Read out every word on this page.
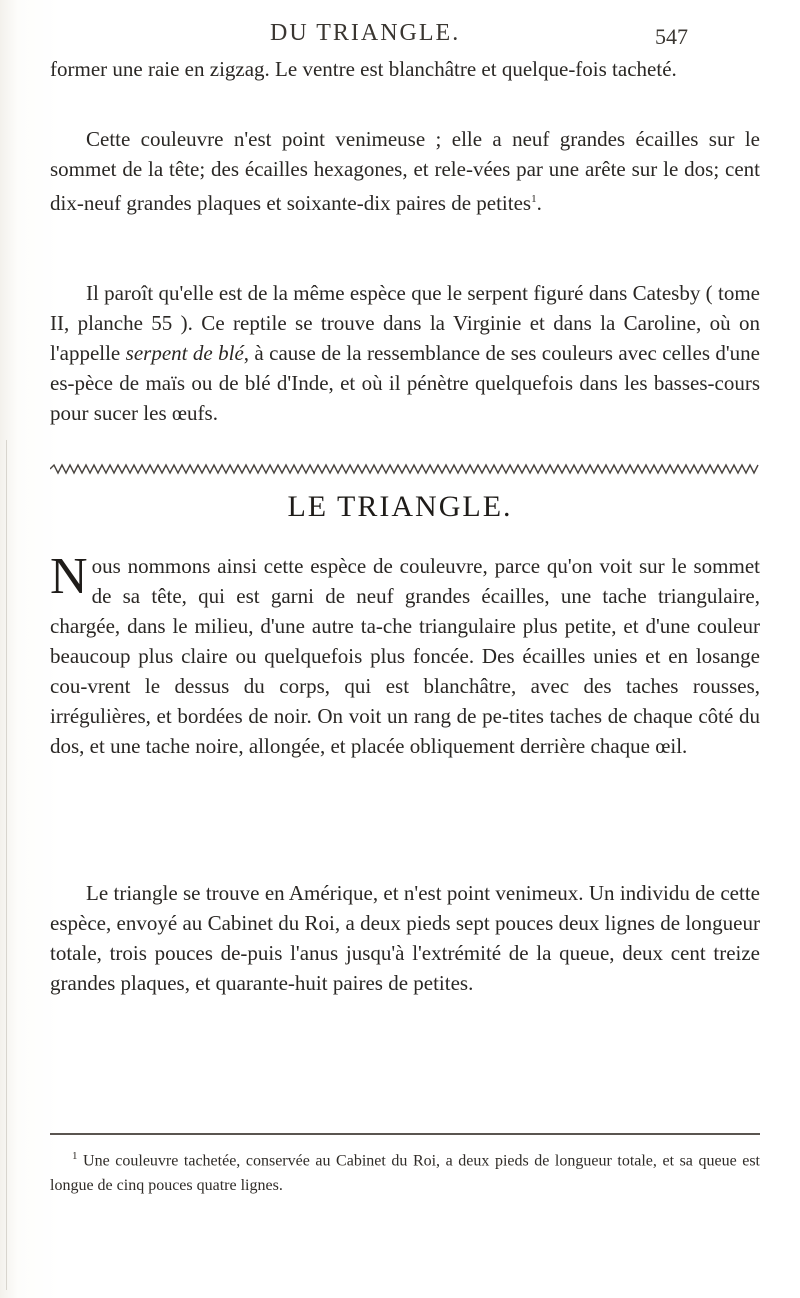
DU TRIANGLE.	547

former une raie en zigzag. Le ventre est blanchâtre et quelque-fois tacheté.

Cette couleuvre n'est point venimeuse ; elle a neuf grandes écailles sur le sommet de la tête; des écailles hexagones, et rele-vées par une arête sur le dos; cent dix-neuf grandes plaques et soixante-dix paires de petites$^1$.

Il paroît qu'elle est de la même espèce que le serpent figuré dans Catesby ( tome II, planche 55 ). Ce reptile se trouve dans la Virginie et dans la Caroline, où on l'appelle serpent de blé, à cause de la ressemblance de ses couleurs avec celles d'une es-pèce de maïs ou de blé d'Inde, et où il pénètre quelquefois dans les basses-cours pour sucer les œufs.

LE TRIANGLE.

Nous nommons ainsi cette espèce de couleuvre, parce qu'on voit sur le sommet de sa tête, qui est garni de neuf grandes écailles, une tache triangulaire, chargée, dans le milieu, d'une autre ta-che triangulaire plus petite, et d'une couleur beaucoup plus claire ou quelquefois plus foncée. Des écailles unies et en losange cou-vrent le dessus du corps, qui est blanchâtre, avec des taches rousses, irrégulières, et bordées de noir. On voit un rang de pe-tites taches de chaque côté du dos, et une tache noire, allongée, et placée obliquement derrière chaque œil.

Le triangle se trouve en Amérique, et n'est point venimeux. Un individu de cette espèce, envoyé au Cabinet du Roi, a deux pieds sept pouces deux lignes de longueur totale, trois pouces de-puis l'anus jusqu'à l'extrémité de la queue, deux cent treize grandes plaques, et quarante-huit paires de petites.

$^1$ Une couleuvre tachetée, conservée au Cabinet du Roi, a deux pieds de longueur totale, et sa queue est longue de cinq pouces quatre lignes.
